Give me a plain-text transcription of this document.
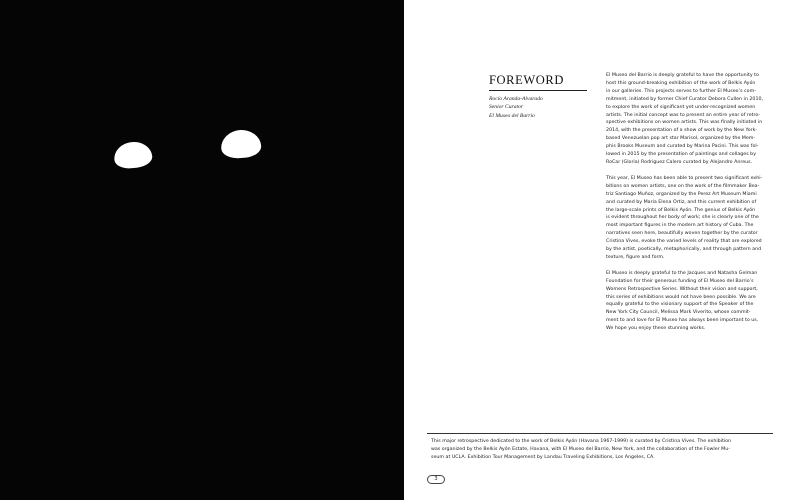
FOREWORD
Rocío Aranda-Alvarado
Senior Curator
El Museo del Barrio

El Museo del Barrio is deeply grateful to have the opportunity to
host this ground-breaking exhibition of the work of Belkis Ayón
in our galleries. This projects serves to further El Museo’s com-
mitment, initiated by former Chief Curator Debora Cullen in 2010,
to explore the work of significant yet under-recognized women
artists. The initial concept was to present an entire year of retro-
spective exhibitions on women artists. This was finally initiated in
2014, with the presentation of a show of work by the New York-
based Venezuelan pop art star Marisol, organized by the Mem-
phis Brooks Museum and curated by Marina Pacini. This was fol-
lowed in 2015 by the presentation of paintings and collages by
RoCar (Gloria) Rodriguez Calero curated by Alejandro Anreus.

This year, El Museo has been able to present two significant exhi-
bitions on women artists, one on the work of the filmmaker Bea-
triz Santiago Muñoz, organized by the Perez Art Museum Miami
and curated by María Elena Ortiz, and this current exhibition of
the large-scale prints of Belkis Ayón. The genius of Belkis Ayón
is evident throughout her body of work; she is clearly one of the
most important figures in the modern art history of Cuba. The
narratives seen here, beautifully woven together by the curator
Cristina Vives, evoke the varied levels of reality that are explored
by the artist, poetically, metaphorically, and through pattern and
texture, figure and form.

El Museo is deeply grateful to the Jacques and Natasha Gelman
Foundation for their generous funding of El Museo del Barrio’s
Womens Retrospective Series. Without their vision and support,
this series of exhibitions would not have been possible. We are
equally grateful to the visionary support of the Speaker of the
New York City Council, Melissa Mark Viverito, whose commit-
ment to and love for El Museo has always been important to us.
We hope you enjoy these stunning works.

This major retrospective dedicated to the work of Belkis Ayón (Havana 1967-1999) is curated by Cristina Vives. The exhibition
was organized by the Belkis Ayón Estate, Havana, with El Museo del Barrio, New York, and the collaboration of the Fowler Mu-
seum at UCLA. Exhibition Tour Management by Landau Traveling Exhibitions, Los Angeles, CA.
3
